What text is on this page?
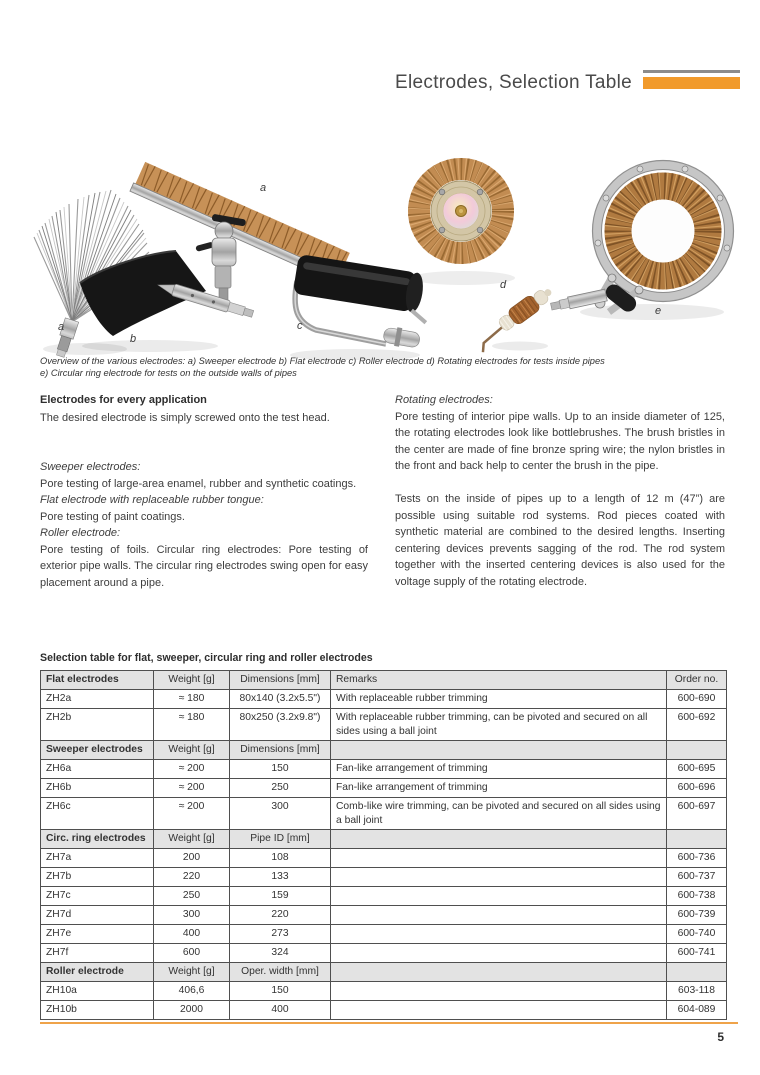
Electrodes, Selection Table
a
a
b
c
d
e
Overview of the various electrodes: a) Sweeper electrode b) Flat electrode c) Roller electrode d) Rotating electrodes for tests inside pipes
e) Circular ring electrode for tests on the outside walls of pipes

Electrodes for every application

The desired electrode is simply screwed onto the test head.

Sweeper electrodes:

Pore testing of large-area enamel, rubber and synthetic coatings.

Flat electrode with replaceable rubber tongue:

Pore testing of paint coatings.

Roller electrode:

Pore testing of foils. Circular ring electrodes: Pore testing of exterior pipe walls. The circular ring electrodes swing open for easy placement around a pipe.

Rotating electrodes:

Pore testing of interior pipe walls. Up to an inside diameter of 125, the rotating electrodes look like bottlebrushes. The brush bristles in the center are made of fine bronze spring wire; the nylon bristles in the front and back help to center the brush in the pipe.

Tests on the inside of pipes up to a length of 12 m (47”) are possible using suitable rod systems. Rod pieces coated with synthetic material are combined to the desired lengths. Inserting centering devices prevents sagging of the rod. The rod system together with the inserted centering devices is also used for the voltage supply of the rotating electrode.

Selection table for flat, sweeper, circular ring and roller electrodes

Flat electrodes	Weight [g]	Dimensions [mm]	Remarks	Order no.
ZH2a	≈ 180	80x140 (3.2x5.5")	With replaceable rubber trimming	600-690
ZH2b	≈ 180	80x250 (3.2x9.8")	With replaceable rubber trimming, can be pivoted and secured on all sides using a ball joint	600-692
Sweeper electrodes	Weight [g]	Dimensions [mm]		
ZH6a	≈ 200	150	Fan-like arrangement of trimming	600-695
ZH6b	≈ 200	250	Fan-like arrangement of trimming	600-696
ZH6c	≈ 200	300	Comb-like wire trimming, can be pivoted and secured on all sides using a ball joint	600-697
Circ. ring electrodes	Weight [g]	Pipe ID [mm]		
ZH7a	200	108		600-736
ZH7b	220	133		600-737
ZH7c	250	159		600-738
ZH7d	300	220		600-739
ZH7e	400	273		600-740
ZH7f	600	324		600-741
Roller electrode	Weight [g]	Oper. width [mm]		
ZH10a	406,6	150		603-118
ZH10b	2000	400		604-089
5
